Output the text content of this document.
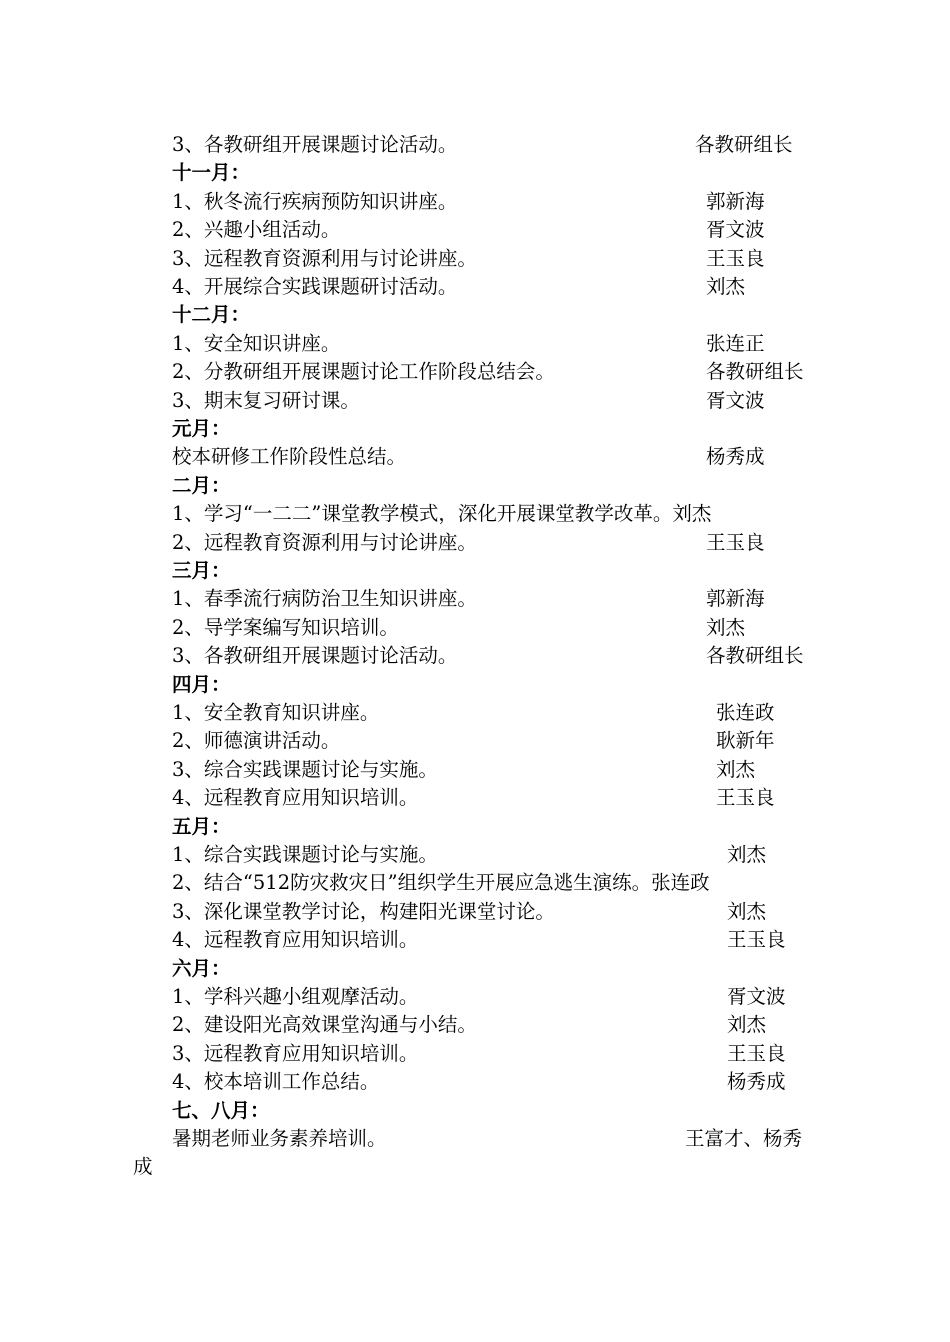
3、各教研组开展课题讨论活动。	各教研组长
十一月：
1、秋冬流行疾病预防知识讲座。	郭新海
2、兴趣小组活动。	胥文波
3、远程教育资源利用与讨论讲座。	王玉良
4、开展综合实践课题研讨活动。	刘杰
十二月：
1、安全知识讲座。	张连正
2、分教研组开展课题讨论工作阶段总结会。	各教研组长
3、期末复习研讨课。	胥文波
元月：
校本研修工作阶段性总结。	杨秀成
二月：
1、学习“一二二”课堂教学模式，深化开展课堂教学改革。刘杰
2、远程教育资源利用与讨论讲座。	王玉良
三月：
1、春季流行病防治卫生知识讲座。	郭新海
2、导学案编写知识培训。	刘杰
3、各教研组开展课题讨论活动。	各教研组长
四月：
1、安全教育知识讲座。	张连政
2、师德演讲活动。	耿新年
3、综合实践课题讨论与实施。	刘杰
4、远程教育应用知识培训。	王玉良
五月：
1、综合实践课题讨论与实施。	刘杰
2、结合“512防灾救灾日”组织学生开展应急逃生演练。张连政
3、深化课堂教学讨论，构建阳光课堂讨论。	刘杰
4、远程教育应用知识培训。	王玉良
六月：
1、学科兴趣小组观摩活动。	胥文波
2、建设阳光高效课堂沟通与小结。	刘杰
3、远程教育应用知识培训。	王玉良
4、校本培训工作总结。	杨秀成
七、八月：
暑期老师业务素养培训。	王富才、杨秀
成
